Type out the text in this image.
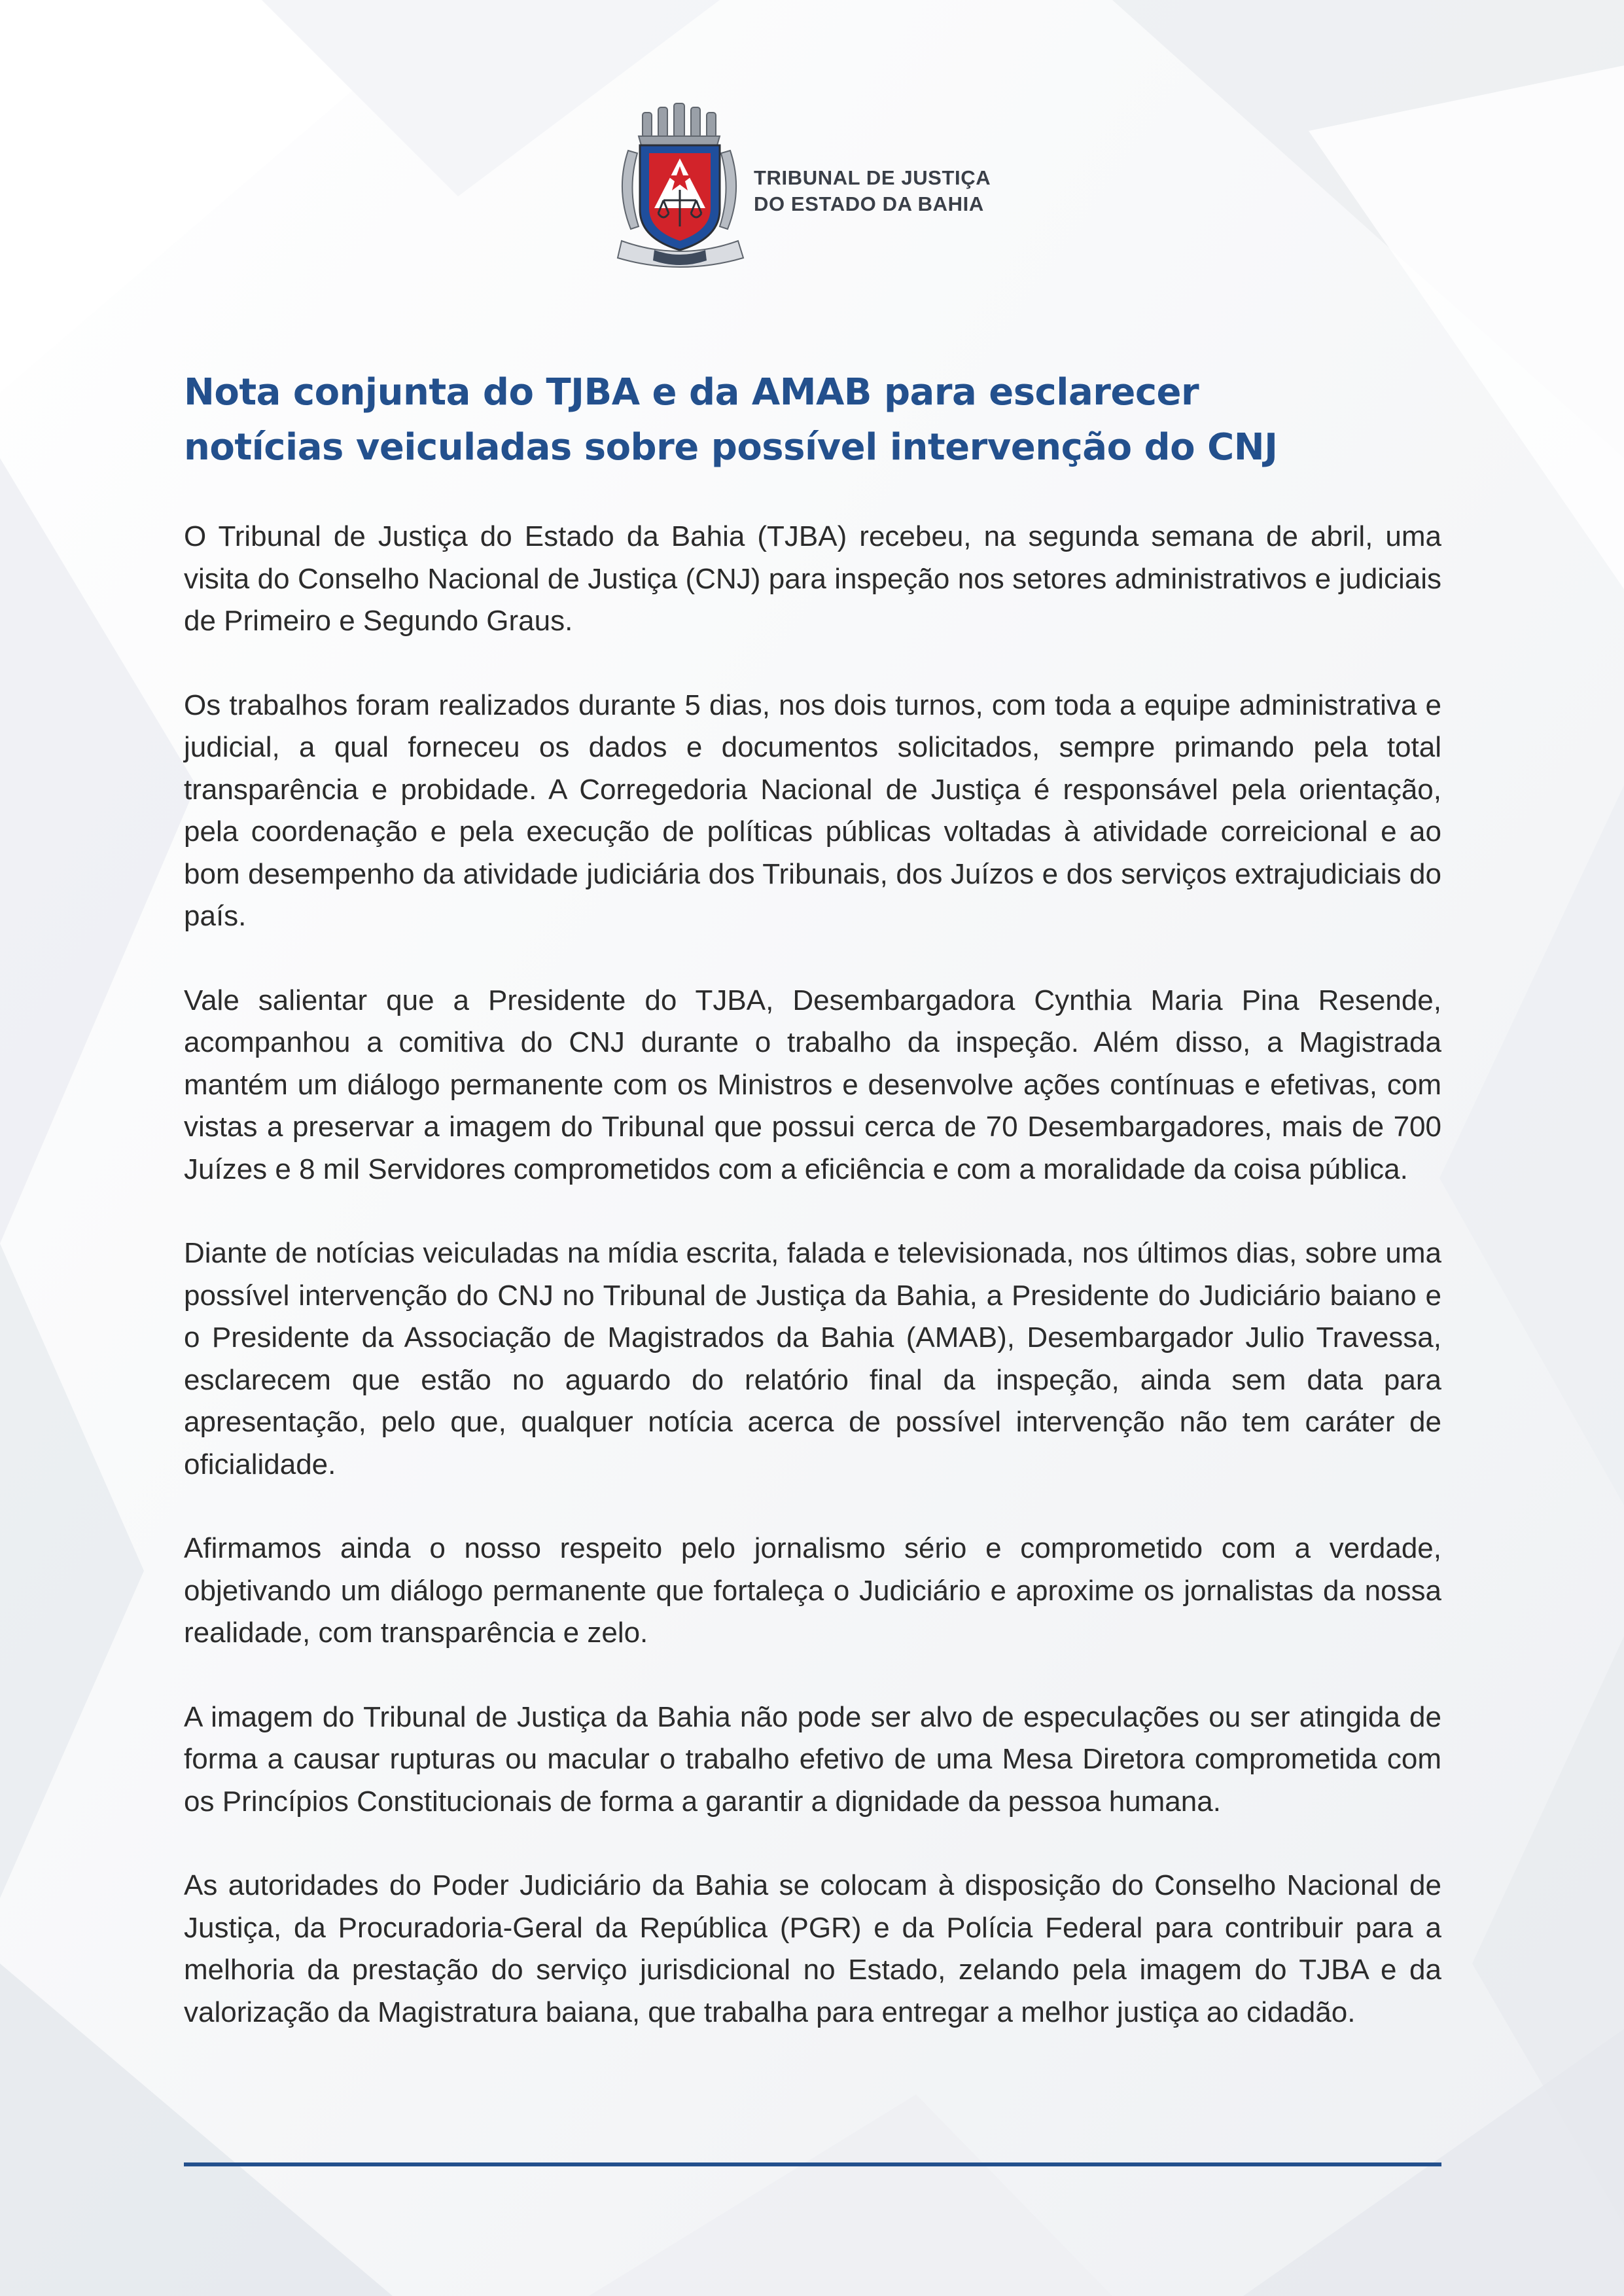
TRIBUNAL DE JUSTIÇA
DO ESTADO DA BAHIA
Nota conjunta do TJBA e da AMAB para esclarecer
notícias veiculadas sobre possível intervenção do CNJ

O Tribunal de Justiça do Estado da Bahia (TJBA) recebeu, na segunda semana de abril, uma visita do Conselho Nacional de Justiça (CNJ) para inspeção nos setores administrativos e judiciais de Primeiro e Segundo Graus.

Os trabalhos foram realizados durante 5 dias, nos dois turnos, com toda a equipe administrativa e judicial, a qual forneceu os dados e documentos solicitados, sempre primando pela total transparência e probidade. A Corregedoria Nacional de Justiça é responsável pela orientação, pela coordenação e pela execução de políticas públicas voltadas à atividade correicional e ao bom desempenho da atividade judiciária dos Tribunais, dos Juízos e dos serviços extrajudiciais do país.

Vale salientar que a Presidente do TJBA, Desembargadora Cynthia Maria Pina Resende, acompanhou a comitiva do CNJ durante o trabalho da inspeção. Além disso, a Magistrada mantém um diálogo permanente com os Ministros e desenvolve ações contínuas e efetivas, com vistas a preservar a imagem do Tribunal que possui cerca de 70 Desembargadores, mais de 700 Juízes e 8 mil Servidores comprometidos com a eficiência e com a moralidade da coisa pública.

Diante de notícias veiculadas na mídia escrita, falada e televisionada, nos últimos dias, sobre uma possível intervenção do CNJ no Tribunal de Justiça da Bahia, a Presidente do Judiciário baiano e o Presidente da Associação de Magistrados da Bahia (AMAB), Desembargador Julio Travessa, esclarecem que estão no aguardo do relatório final da inspeção, ainda sem data para apresentação, pelo que, qualquer notícia acerca de possível intervenção não tem caráter de oficialidade.

Afirmamos ainda o nosso respeito pelo jornalismo sério e comprometido com a verdade, objetivando um diálogo permanente que fortaleça o Judiciário e aproxime os jornalistas da nossa realidade, com transparência e zelo.

A imagem do Tribunal de Justiça da Bahia não pode ser alvo de especulações ou ser atingida de forma a causar rupturas ou macular o trabalho efetivo de uma Mesa Diretora comprometida com os Princípios Constitucionais de forma a garantir a dignidade da pessoa humana.

As autoridades do Poder Judiciário da Bahia se colocam à disposição do Conselho Nacional de Justiça, da Procuradoria-Geral da República (PGR) e da Polícia Federal para contribuir para a melhoria da prestação do serviço jurisdicional no Estado, zelando pela imagem do TJBA e da valorização da Magistratura baiana, que trabalha para entregar a melhor justiça ao cidadão.
